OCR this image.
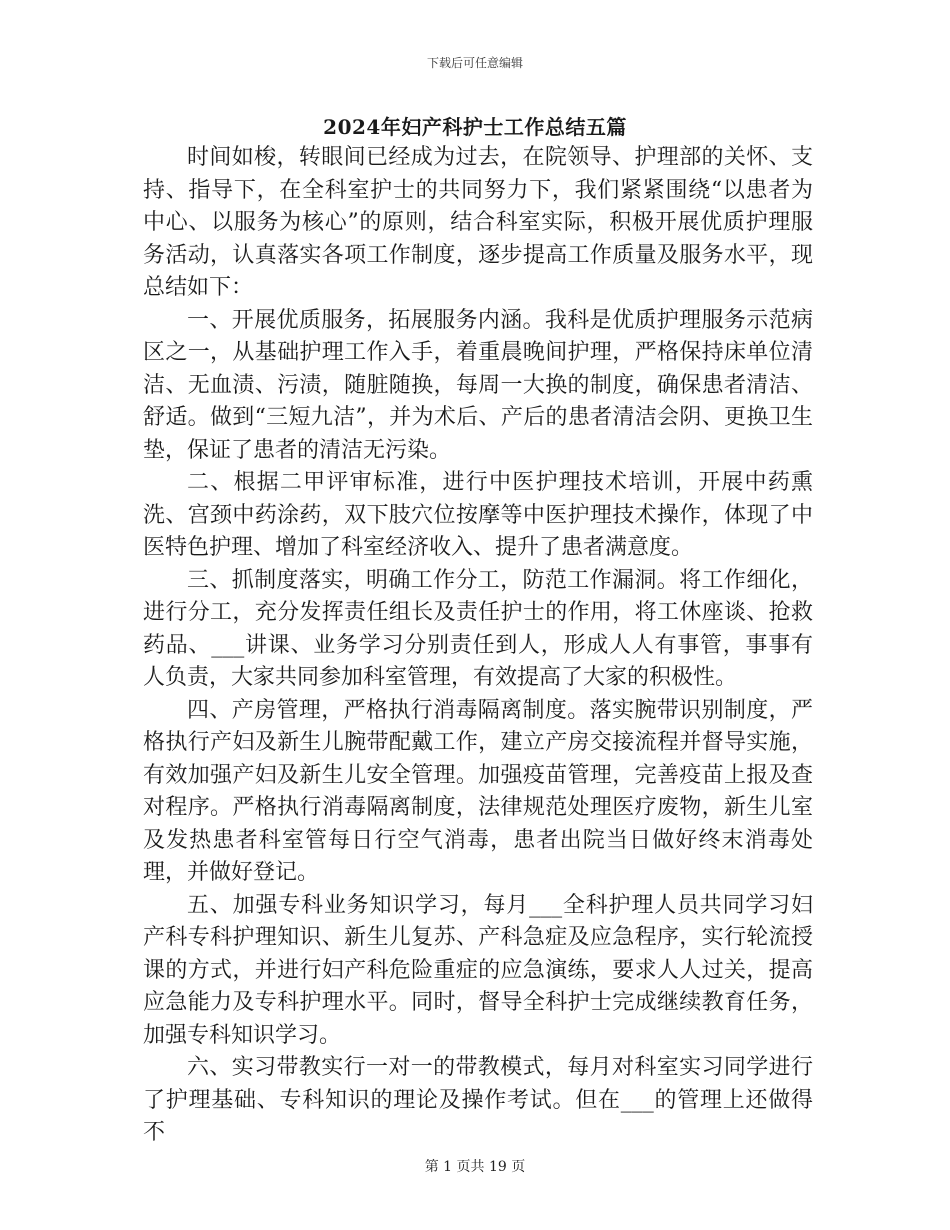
下载后可任意编辑
2024年妇产科护士工作总结五篇

时间如梭，转眼间已经成为过去，在院领导、护理部的关怀、支持、指导下，在全科室护士的共同努力下，我们紧紧围绕“以患者为中心、以服务为核心”的原则，结合科室实际，积极开展优质护理服务活动，认真落实各项工作制度，逐步提高工作质量及服务水平，现总结如下：

一、开展优质服务，拓展服务内涵。我科是优质护理服务示范病区之一，从基础护理工作入手，着重晨晚间护理，严格保持床单位清洁、无血渍、污渍，随脏随换，每周一大换的制度，确保患者清洁、舒适。做到“三短九洁”，并为术后、产后的患者清洁会阴、更换卫生垫，保证了患者的清洁无污染。

二、根据二甲评审标准，进行中医护理技术培训，开展中药熏洗、宫颈中药涂药，双下肢穴位按摩等中医护理技术操作，体现了中医特色护理、增加了科室经济收入、提升了患者满意度。

三、抓制度落实，明确工作分工，防范工作漏洞。将工作细化，进行分工，充分发挥责任组长及责任护士的作用，将工休座谈、抢救药品、___讲课、业务学习分别责任到人，形成人人有事管，事事有人负责，大家共同参加科室管理，有效提高了大家的积极性。

四、产房管理，严格执行消毒隔离制度。落实腕带识别制度，严格执行产妇及新生儿腕带配戴工作，建立产房交接流程并督导实施，有效加强产妇及新生儿安全管理。加强疫苗管理，完善疫苗上报及查对程序。严格执行消毒隔离制度，法律规范处理医疗废物，新生儿室及发热患者科室管每日行空气消毒，患者出院当日做好终末消毒处理，并做好登记。

五、加强专科业务知识学习，每月___全科护理人员共同学习妇产科专科护理知识、新生儿复苏、产科急症及应急程序，实行轮流授课的方式，并进行妇产科危险重症的应急演练，要求人人过关，提高应急能力及专科护理水平。同时，督导全科护士完成继续教育任务，加强专科知识学习。

六、实习带教实行一对一的带教模式，每月对科室实习同学进行了护理基础、专科知识的理论及操作考试。但在___的管理上还做得不

第 1 页共 19 页
